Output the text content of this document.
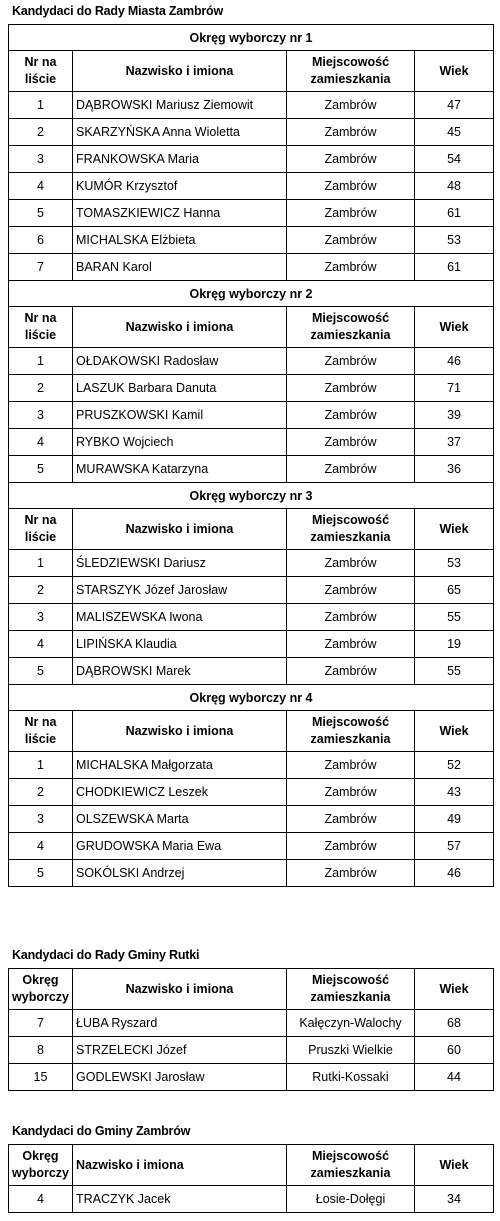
Kandydaci do Rady Miasta Zambrów
Okręg wyborczy nr 1			
Nr na liście	Nazwisko i imiona	Miejscowość zamieszkania	Wiek
1	DĄBROWSKI Mariusz Ziemowit	Zambrów	47
2	SKARZYŃSKA Anna Wioletta	Zambrów	45
3	FRANKOWSKA Maria	Zambrów	54
4	KUMÓR Krzysztof	Zambrów	48
5	TOMASZKIEWICZ Hanna	Zambrów	61
6	MICHALSKA Elżbieta	Zambrów	53
7	BARAN Karol	Zambrów	61
Okręg wyborczy nr 2			
Nr na liście	Nazwisko i imiona	Miejscowość zamieszkania	Wiek
1	OŁDAKOWSKI Radosław	Zambrów	46
2	LASZUK Barbara Danuta	Zambrów	71
3	PRUSZKOWSKI Kamil	Zambrów	39
4	RYBKO Wojciech	Zambrów	37
5	MURAWSKA Katarzyna	Zambrów	36
Okręg wyborczy nr 3			
Nr na liście	Nazwisko i imiona	Miejscowość zamieszkania	Wiek
1	ŚLEDZIEWSKI Dariusz	Zambrów	53
2	STARSZYK Józef Jarosław	Zambrów	65
3	MALISZEWSKA Iwona	Zambrów	55
4	LIPIŃSKA Klaudia	Zambrów	19
5	DĄBROWSKI Marek	Zambrów	55
Okręg wyborczy nr 4			
Nr na liście	Nazwisko i imiona	Miejscowość zamieszkania	Wiek
1	MICHALSKA Małgorzata	Zambrów	52
2	CHODKIEWICZ Leszek	Zambrów	43
3	OLSZEWSKA Marta	Zambrów	49
4	GRUDOWSKA Maria Ewa	Zambrów	57
5	SOKÓLSKI Andrzej	Zambrów	46
Kandydaci do Rady Gminy Rutki
Okręg wyborczy	Nazwisko i imiona	Miejscowość zamieszkania	Wiek
7	ŁUBA Ryszard	Kałęczyn-Walochy	68
8	STRZELECKI Józef	Pruszki Wielkie	60
15	GODLEWSKI Jarosław	Rutki-Kossaki	44
Kandydaci do Gminy Zambrów
Okręg wyborczy	Nazwisko i imiona	Miejscowość zamieszkania	Wiek
4	TRACZYK Jacek	Łosie-Dołęgi	34
